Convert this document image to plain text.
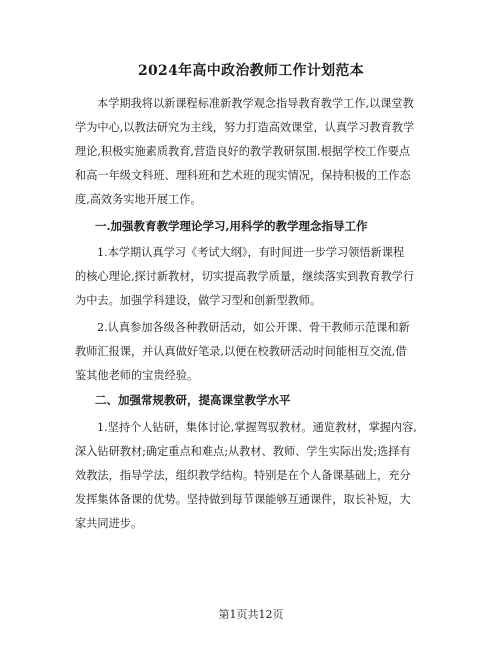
2024年高中政治教师工作计划范本
本学期我将以新课程标准新教学观念指导教育教学工作,以课堂教
学为中心,以教法研究为主线，努力打造高效课堂，认真学习教育教学
理论,积极实施素质教育,营造良好的教学教研氛围.根据学校工作要点
和高一年级文科班、理科班和艺术班的现实情况，保持积极的工作态
度,高效务实地开展工作。
一.加强教育教学理论学习,用科学的教学理念指导工作
1.本学期认真学习《考试大纲》，有时间进一步学习领悟新课程
的核心理论,探讨新教材，切实提高教学质量，继续落实到教育教学行
为中去。加强学科建设，做学习型和创新型教师。
2.认真参加各级各种教研活动，如公开课、骨干教师示范课和新
教师汇报课，并认真做好笔录,以便在校教研活动时间能相互交流,借
鉴其他老师的宝贵经验。
二、加强常规教研，提高课堂教学水平
1.坚持个人钻研，集体讨论,掌握驾驭教材。通览教材，掌握内容,
深入钻研教材;确定重点和难点;从教材、教师、学生实际出发;选择有
效教法，指导学法，组织教学结构。特别是在个人备课基础上，充分
发挥集体备课的优势。坚持做到每节课能够互通课件，取长补短，大
家共同进步。
第1页共12页
